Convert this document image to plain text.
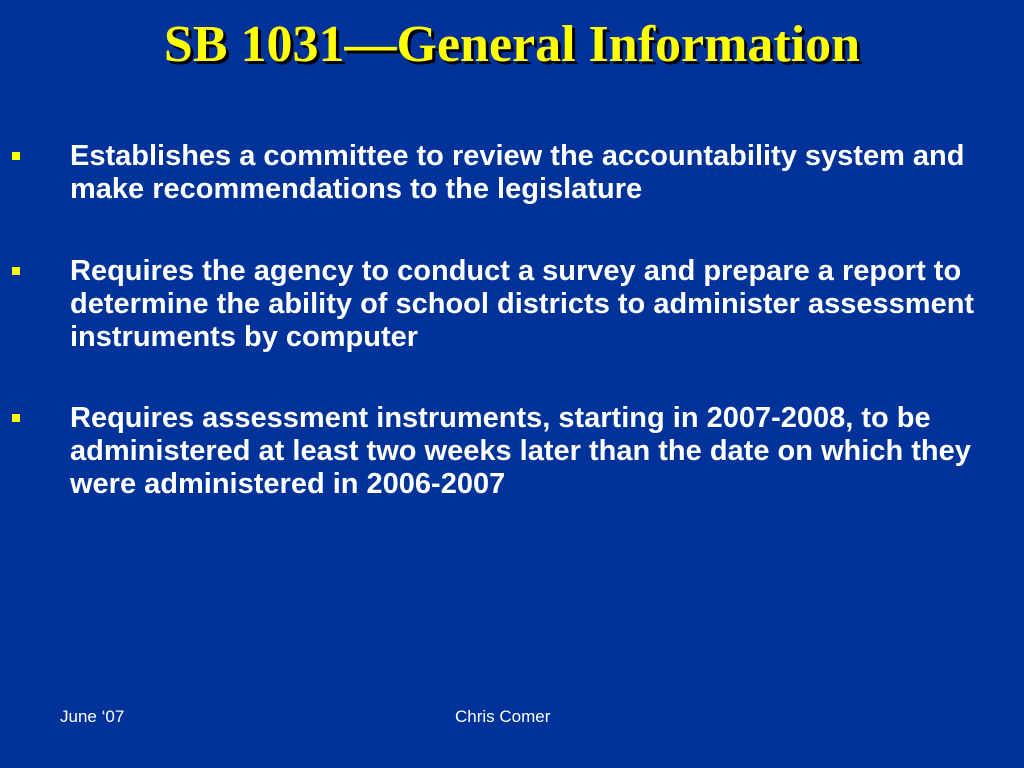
SB 1031—General Information
Establishes a committee to review the accountability system and make recommendations to the legislature
Requires the agency to conduct a survey and prepare a report to determine the ability of school districts to administer assessment instruments by computer
Requires assessment instruments, starting in 2007-2008, to be administered at least two weeks later than the date on which they were administered in 2006-2007
June ‘07	Chris Comer
